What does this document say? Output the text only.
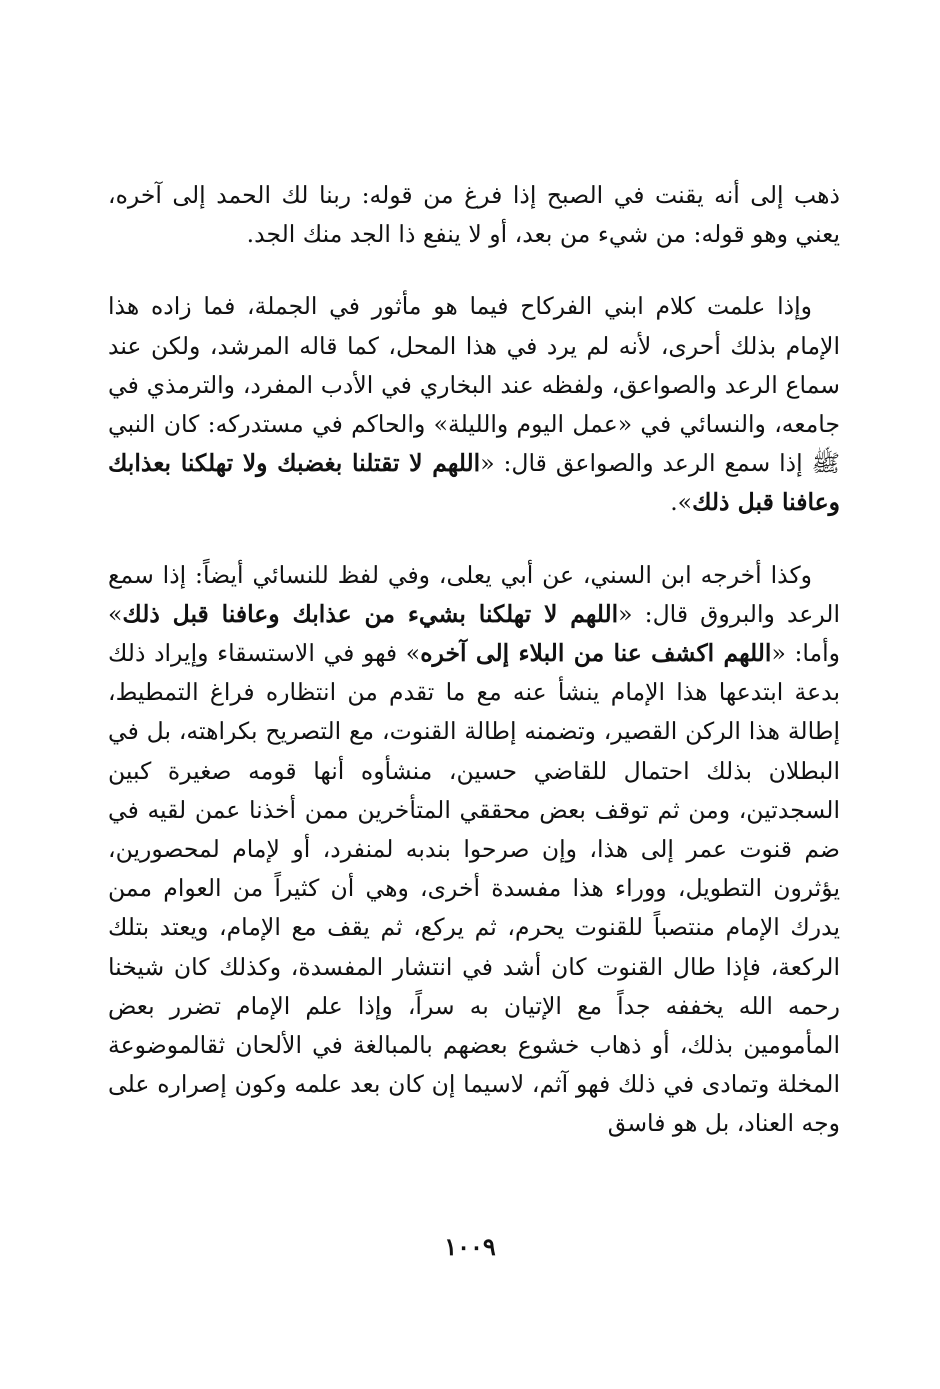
ذهب إلى أنه يقنت في الصبح إذا فرغ من قوله: ربنا لك الحمد إلى آخره، يعني وهو قوله: من شيء من بعد، أو لا ينفع ذا الجد منك الجد.

وإذا علمت كلام ابني الفركاح فيما هو مأثور في الجملة، فما زاده هذا الإمام بذلك أحرى، لأنه لم يرد في هذا المحل، كما قاله المرشد، ولكن عند سماع الرعد والصواعق، ولفظه عند البخاري في الأدب المفرد، والترمذي في جامعه، والنسائي في «عمل اليوم والليلة» والحاكم في مستدركه: كان النبي ﷺ إذا سمع الرعد والصواعق قال: «اللهم لا تقتلنا بغضبك ولا تهلكنا بعذابك وعافنا قبل ذلك».

وكذا أخرجه ابن السني، عن أبي يعلى، وفي لفظ للنسائي أيضاً: إذا سمع الرعد والبروق قال: «اللهم لا تهلكنا بشيء من عذابك وعافنا قبل ذلك» وأما: «اللهم اكشف عنا من البلاء إلى آخره» فهو في الاستسقاء وإيراد ذلك بدعة ابتدعها هذا الإمام ينشأ عنه مع ما تقدم من انتظاره فراغ التمطيط، إطالة هذا الركن القصير، وتضمنه إطالة القنوت، مع التصريح بكراهته، بل في البطلان بذلك احتمال للقاضي حسين، منشأوه أنها قومه صغيرة كبين السجدتين، ومن ثم توقف بعض محققي المتأخرين ممن أخذنا عمن لقيه في ضم قنوت عمر إلى هذا، وإن صرحوا بندبه لمنفرد، أو لإمام لمحصورين، يؤثرون التطويل، ووراء هذا مفسدة أخرى، وهي أن كثيراً من العوام ممن يدرك الإمام منتصباً للقنوت يحرم، ثم يركع، ثم يقف مع الإمام، ويعتد بتلك الركعة، فإذا طال القنوت كان أشد في انتشار المفسدة، وكذلك كان شيخنا رحمه الله يخففه جداً مع الإتيان به سراً، وإذا علم الإمام تضرر بعض المأمومين بذلك، أو ذهاب خشوع بعضهم بالمبالغة في الألحان ثقالموضوعة المخلة وتمادى في ذلك فهو آثم، لاسيما إن كان بعد علمه وكون إصراره على وجه العناد، بل هو فاسق

١٠٠٩
